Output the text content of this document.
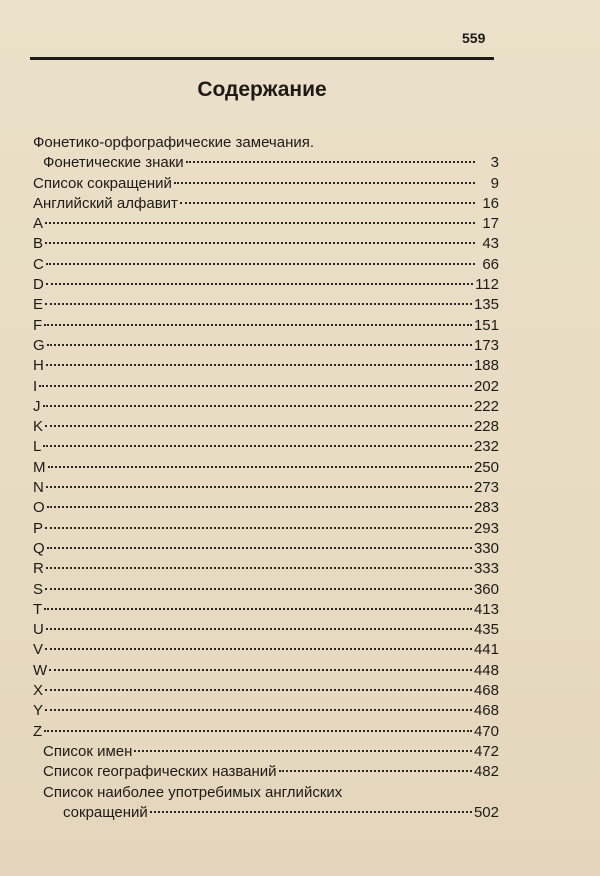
559
Содержание
Фонетико-орфографические замечания.
Фонетические знаки	3
Список сокращений	9
Английский алфавит	16
A	17
B	43
C	66
D	112
E	135
F	151
G	173
H	188
I	202
J	222
K	228
L	232
M	250
N	273
O	283
P	293
Q	330
R	333
S	360
T	413
U	435
V	441
W	448
X	468
Y	468
Z	470
Список имен	472
Список географических названий	482
Список наиболее употребимых английских
сокращений	502
